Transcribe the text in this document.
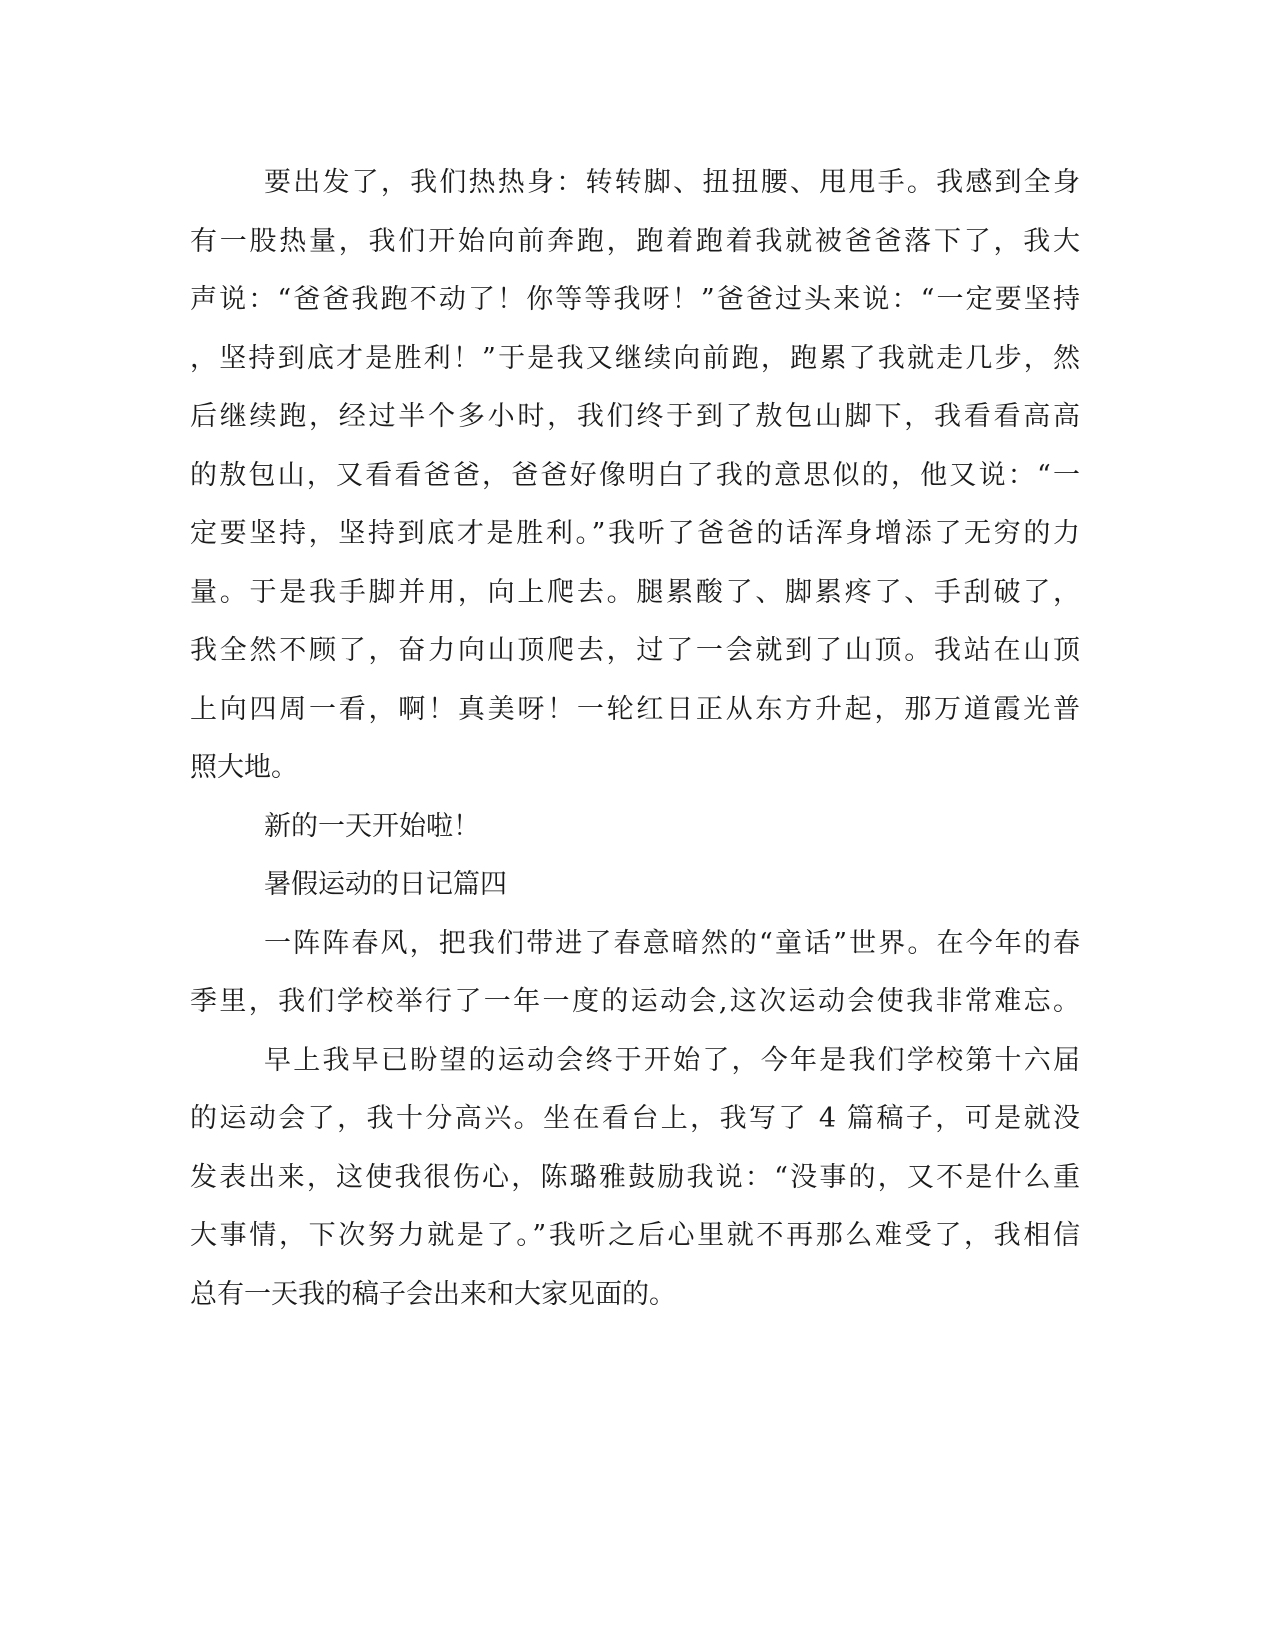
要出发了，我们热热身：转转脚、扭扭腰、甩甩手。我感到全身
有一股热量，我们开始向前奔跑，跑着跑着我就被爸爸落下了，我大
声说：“爸爸我跑不动了！你等等我呀！”爸爸过头来说：“一定要坚持
，坚持到底才是胜利！”于是我又继续向前跑，跑累了我就走几步，然
后继续跑，经过半个多小时，我们终于到了敖包山脚下，我看看高高
的敖包山，又看看爸爸，爸爸好像明白了我的意思似的，他又说：“一
定要坚持，坚持到底才是胜利。”我听了爸爸的话浑身增添了无穷的力
量。于是我手脚并用，向上爬去。腿累酸了、脚累疼了、手刮破了，
我全然不顾了，奋力向山顶爬去，过了一会就到了山顶。我站在山顶
上向四周一看，啊！真美呀！一轮红日正从东方升起，那万道霞光普
照大地。
新的一天开始啦！
暑假运动的日记篇四
一阵阵春风，把我们带进了春意暗然的“童话”世界。在今年的春
季里，我们学校举行了一年一度的运动会,这次运动会使我非常难忘。
早上我早已盼望的运动会终于开始了，今年是我们学校第十六届
的运动会了，我十分高兴。坐在看台上，我写了 4 篇稿子，可是就没
发表出来，这使我很伤心，陈璐雅鼓励我说：“没事的，又不是什么重
大事情，下次努力就是了。”我听之后心里就不再那么难受了，我相信
总有一天我的稿子会出来和大家见面的。
